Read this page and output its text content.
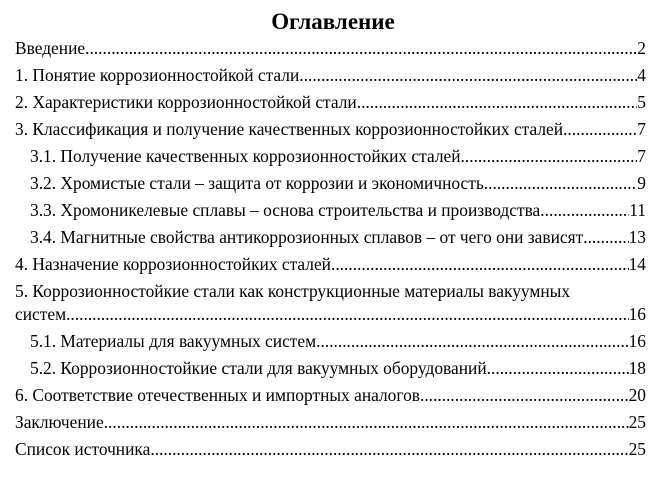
Оглавление
Введение .....	2
1. Понятие коррозионностойкой стали .....	4
2. Характеристики коррозионностойкой стали .....	5
3. Классификация и получение качественных коррозионностойких сталей .....	7
3.1. Получение качественных коррозионностойких сталей .....	7
3.2. Хромистые стали – защита от коррозии и экономичность .....	9
3.3. Хромоникелевые сплавы – основа строительства и производства .....	11
3.4. Магнитные свойства антикоррозионных сплавов – от чего они зависят .....	13
4. Назначение коррозионностойких сталей .....	14
5. Коррозионностойкие стали как конструкционные материалы вакуумных
систем .....	16
5.1. Материалы для вакуумных систем .....	16
5.2. Коррозионностойкие стали для вакуумных оборудований .....	18
6. Соответствие отечественных и импортных аналогов .....	20
Заключение .....	25
Список источника .....	25
